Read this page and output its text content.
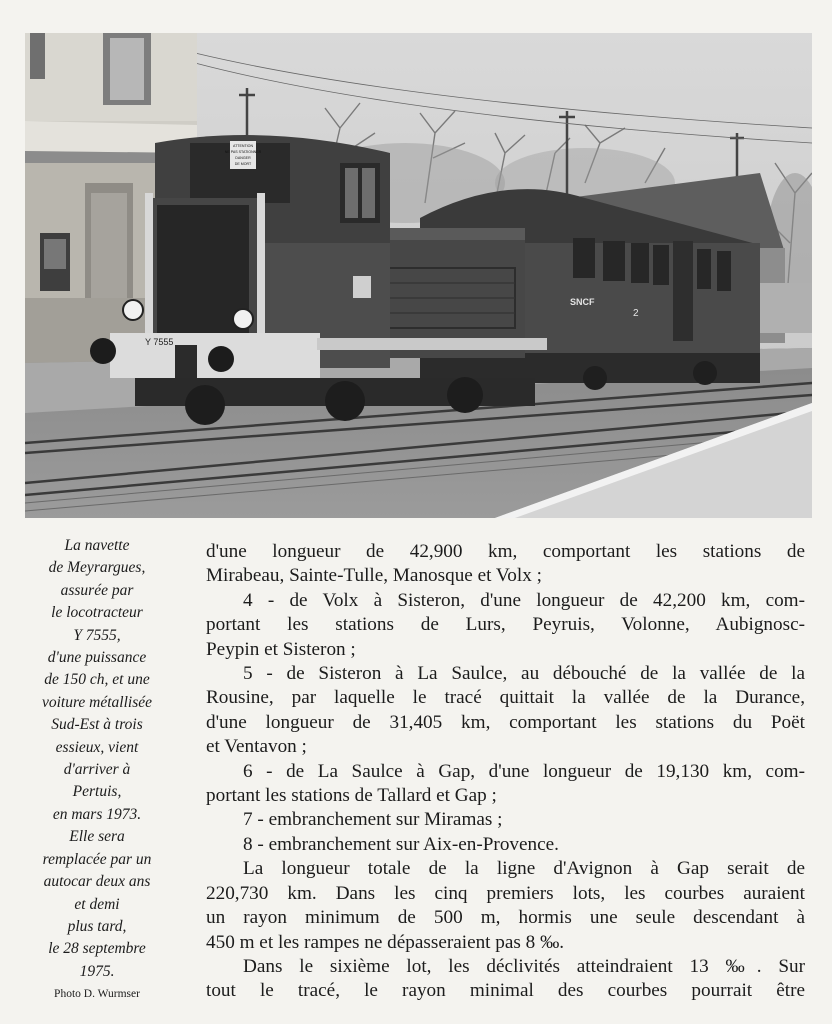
SNCF
2
ATTENTION
NE PAS STATIONNER
DANGER
DE MORT
Y 7555
La navette
de Meyrargues,
assurée par
le locotracteur
Y 7555,
d'une puissance
de 150 ch, et une
voiture métallisée
Sud-Est à trois
essieux, vient
d'arriver à
Pertuis,
en mars 1973.
Elle sera
remplacée par un
autocar deux ans
et demi
plus tard,
le 28 septembre
1975.
Photo D. Wurmser

d'une longueur de 42,900 km, comportant les stations de
Mirabeau, Sainte-Tulle, Manosque et Volx ;

4 - de Volx à Sisteron, d'une longueur de 42,200 km, com-
portant les stations de Lurs, Peyruis, Volonne, Aubignosc-
Peypin et Sisteron ;

5 - de Sisteron à La Saulce, au débouché de la vallée de la
Rousine, par laquelle le tracé quittait la vallée de la Durance,
d'une longueur de 31,405 km, comportant les stations du Poët
et Ventavon ;

6 - de La Saulce à Gap, d'une longueur de 19,130 km, com-
portant les stations de Tallard et Gap ;

7 - embranchement sur Miramas ;

8 - embranchement sur Aix-en-Provence.

La longueur totale de la ligne d'Avignon à Gap serait de
220,730 km. Dans les cinq premiers lots, les courbes auraient
un rayon minimum de 500 m, hormis une seule descendant à
450 m et les rampes ne dépasseraient pas 8 ‰.

Dans le sixième lot, les déclivités atteindraient 13 ‰. Sur
tout le tracé, le rayon minimal des courbes pourrait être
